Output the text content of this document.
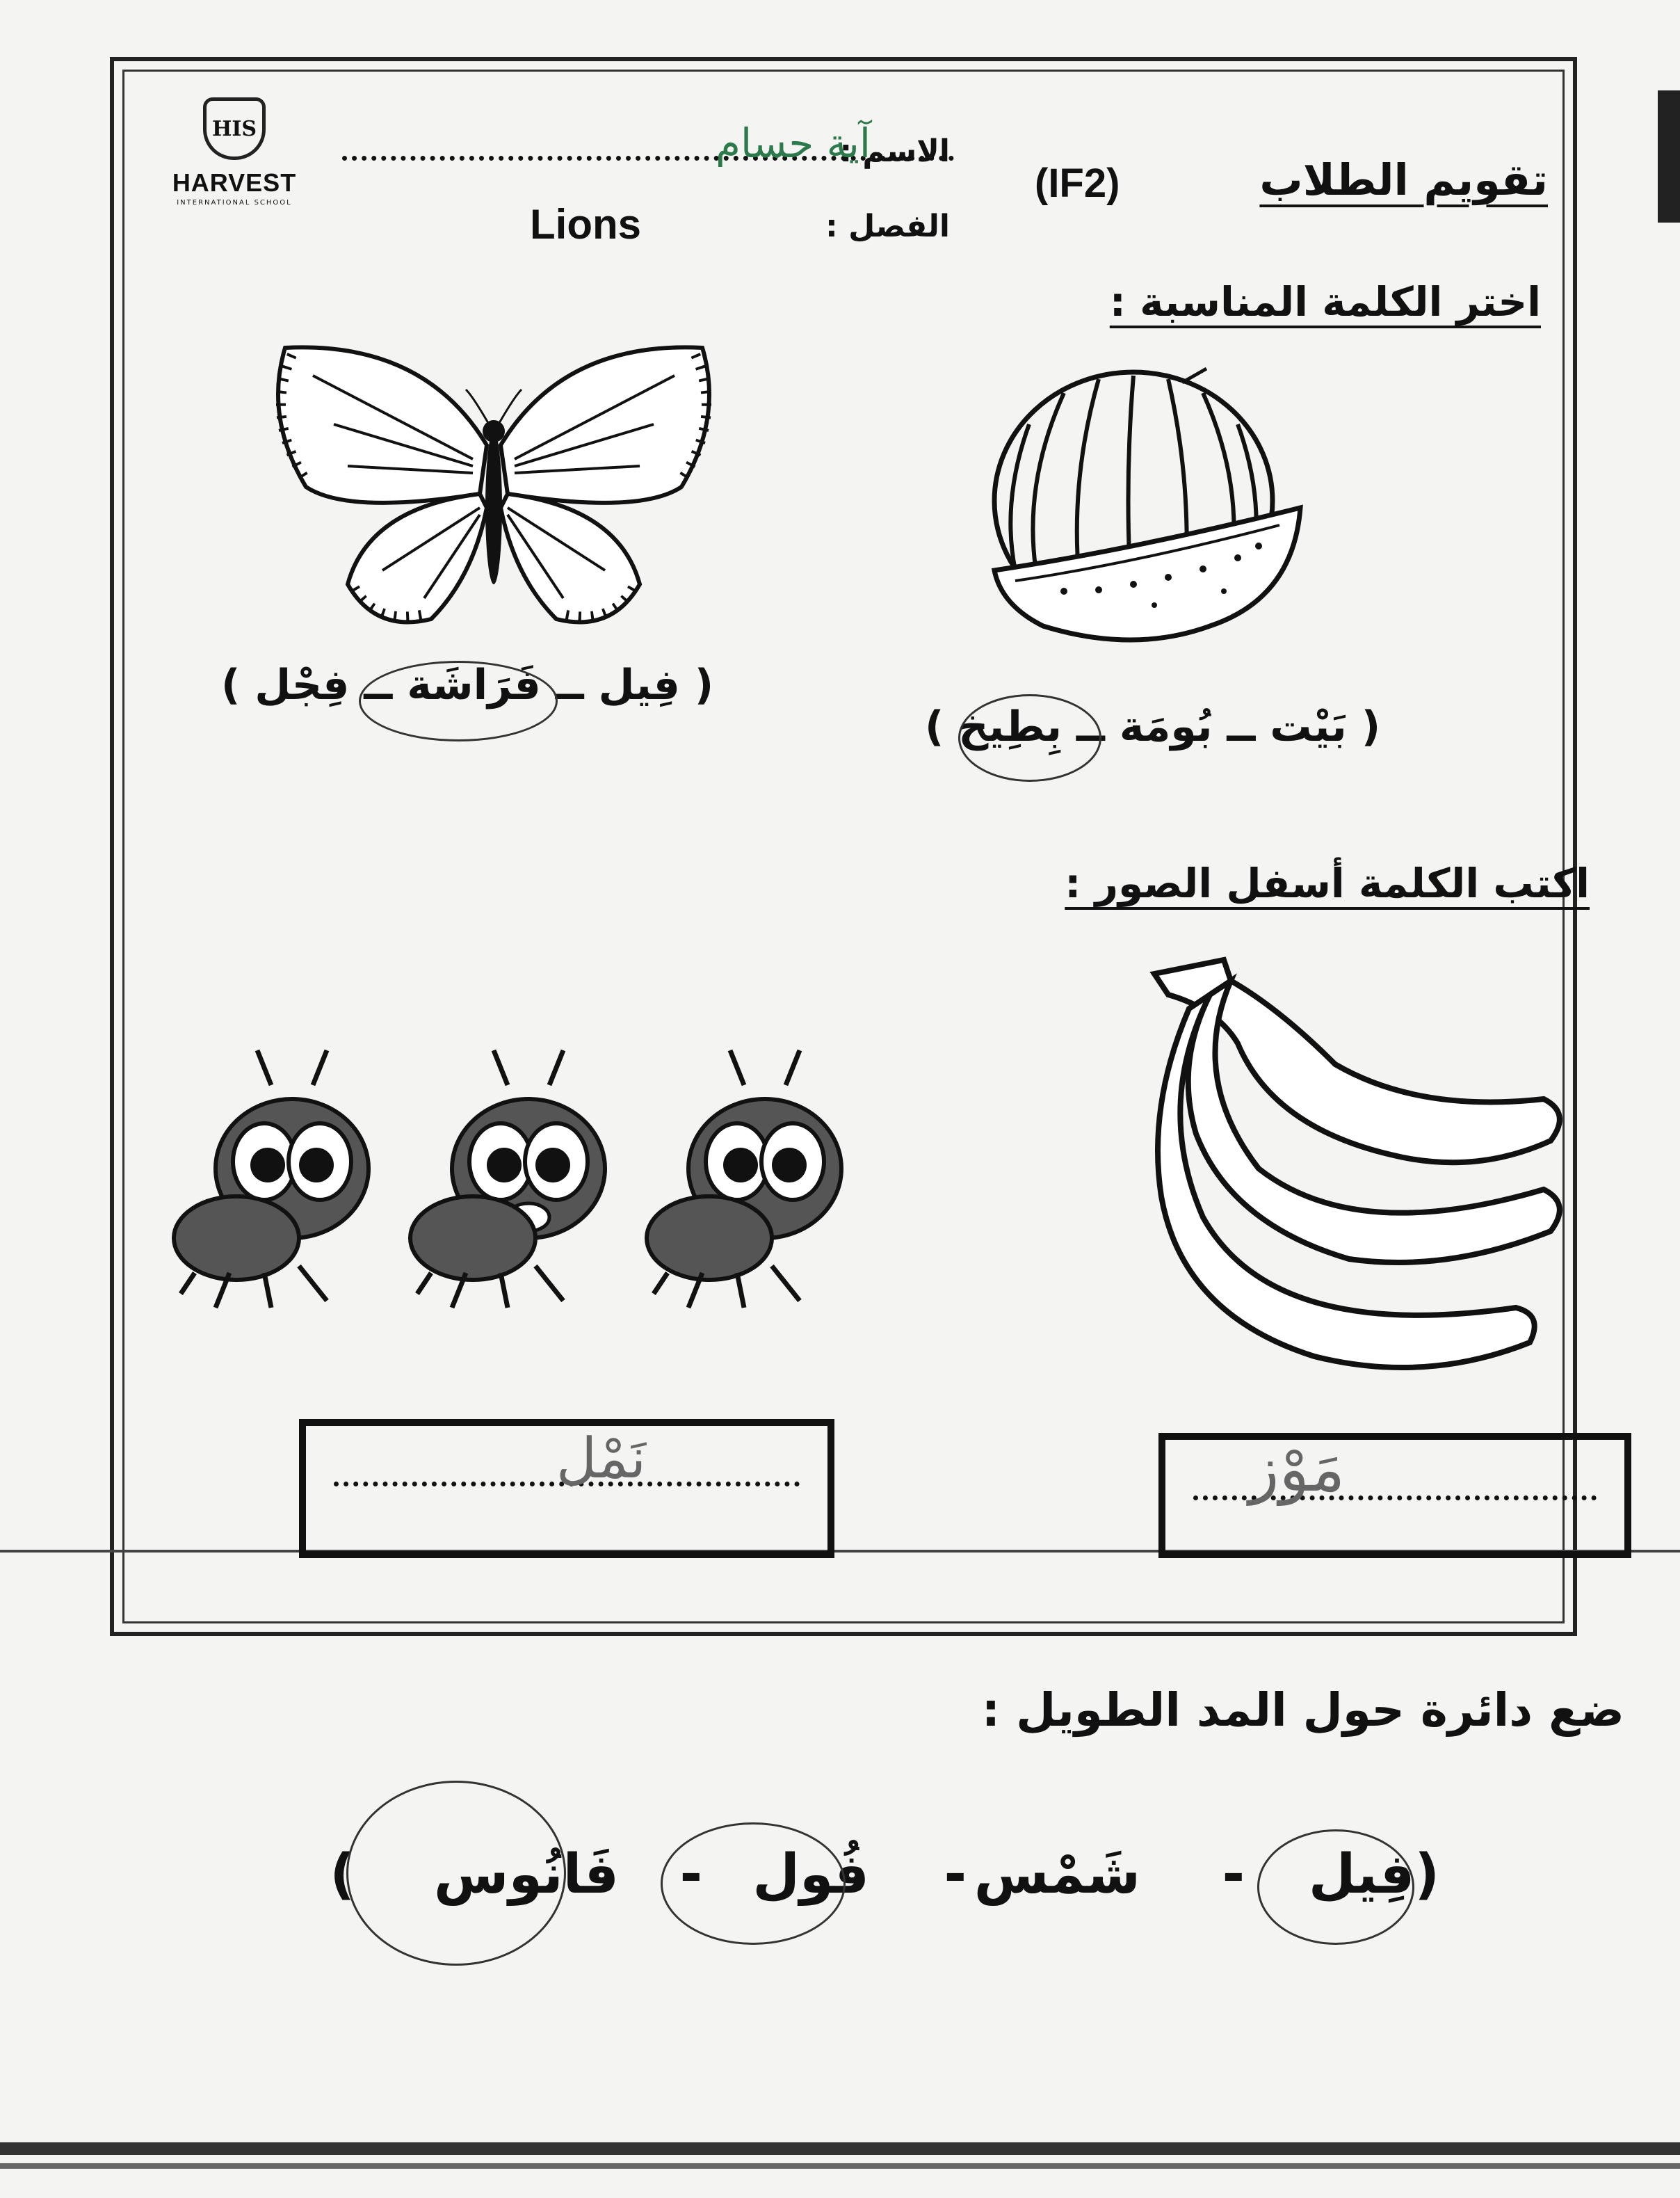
HIS
HARVEST
INTERNATIONAL SCHOOL	تقويم الطلاب
(IF2)
الاسم :
آية حسام
الفصل :
Lions
اختر الكلمة المناسبة :
( فِيل ــ فَرَاشَة ــ فِجْل )
( بَيْت ــ بُومَة ــ بِطِيخ )
اكتب الكلمة أسفل الصور :
نَمْل	مَوْز
ضع دائرة حول المد الطويل :
(فِيل
-
شَمْس
-
فُول
-
فَانُوس
)
